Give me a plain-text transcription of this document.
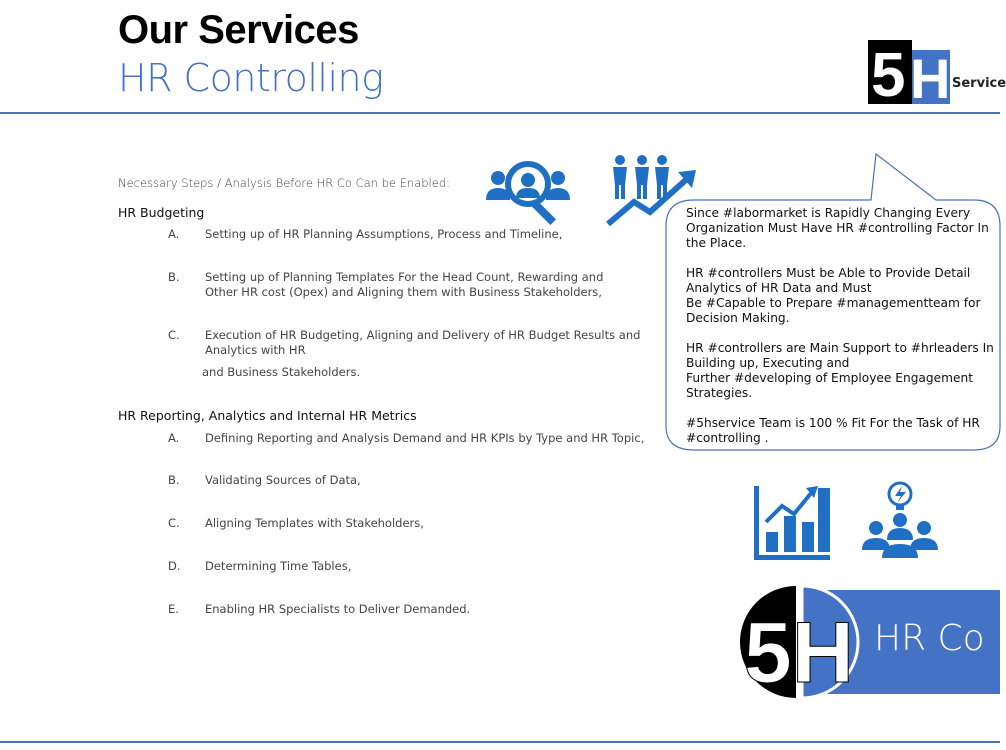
Our Services
HR Controlling	5 H Service
Necessary Steps / Analysis Before HR Co Can be Enabled:
HR Budgeting
A. Setting up of HR Planning Assumptions, Process and Timeline,
B. Setting up of Planning Templates For the Head Count, Rewarding and Other HR cost (Opex) and Aligning them with Business Stakeholders,
C. Execution of HR Budgeting, Aligning and Delivery of HR Budget Results and Analytics with HR
and Business Stakeholders.
HR Reporting, Analytics and Internal HR Metrics
A. Defining Reporting and Analysis Demand and HR KPIs by Type and HR Topic,
B. Validating Sources of Data,
C. Aligning Templates with Stakeholders,
D. Determining Time Tables,
E. Enabling HR Specialists to Deliver Demanded.

Since #labormarket is Rapidly Changing Every Organization Must Have HR #controlling Factor In the Place.

HR #controllers Must be Able to Provide Detail Analytics of HR Data and Must
Be #Capable to Prepare #managementteam for Decision Making.

HR #controllers are Main Support to #hrleaders In Building up, Executing and
Further #developing of Employee Engagement Strategies.

#5hservice Team is 100 % Fit For the Task of HR #controlling .

5H HR Co
